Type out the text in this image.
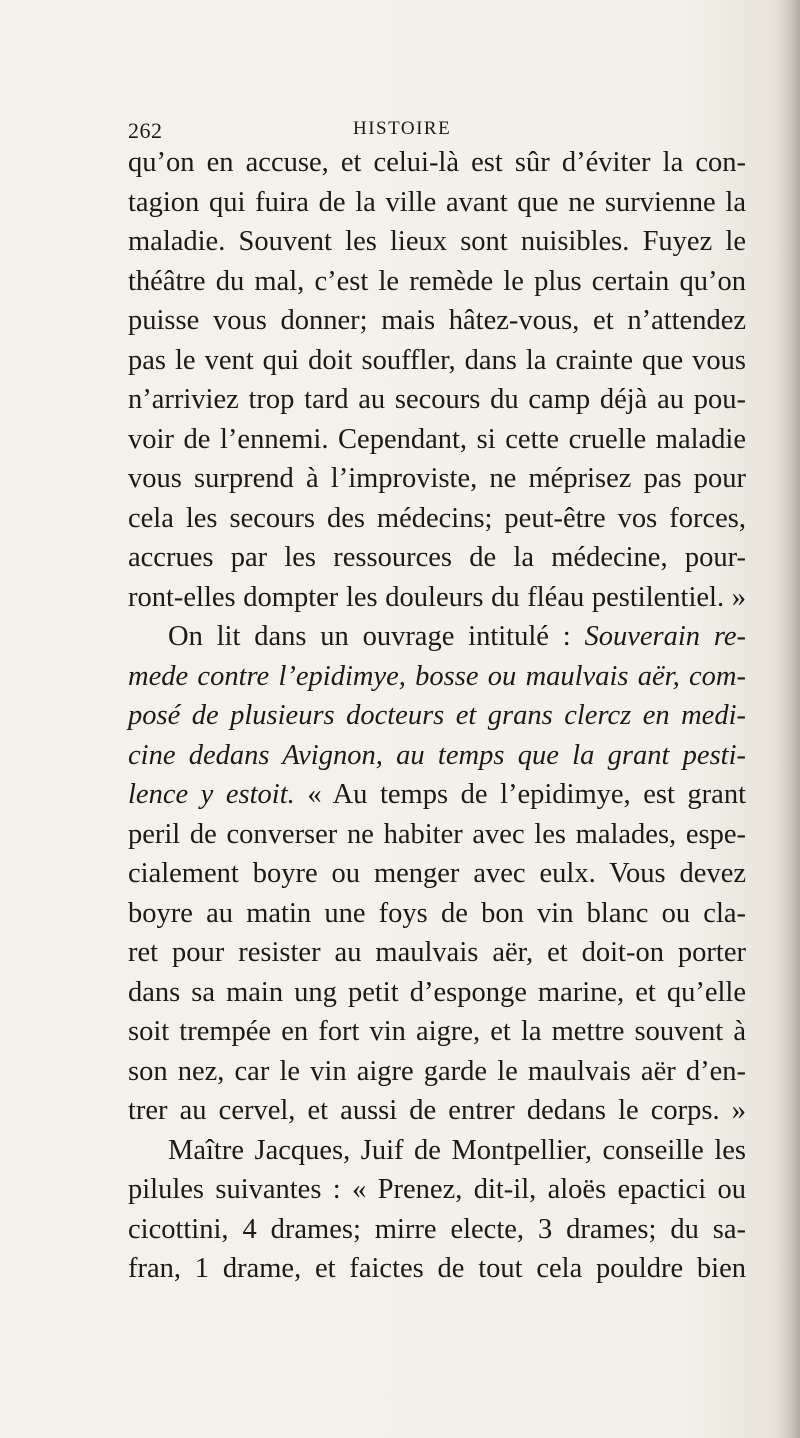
262	HISTOIRE
qu’on en accuse, et celui-là est sûr d’éviter la con-
tagion qui fuira de la ville avant que ne survienne la
maladie. Souvent les lieux sont nuisibles. Fuyez le
théâtre du mal, c’est le remède le plus certain qu’on
puisse vous donner; mais hâtez-vous, et n’attendez
pas le vent qui doit souffler, dans la crainte que vous
n’arriviez trop tard au secours du camp déjà au pou-
voir de l’ennemi. Cependant, si cette cruelle maladie
vous surprend à l’improviste, ne méprisez pas pour
cela les secours des médecins; peut-être vos forces,
accrues par les ressources de la médecine, pour-
ront-elles dompter les douleurs du fléau pestilentiel. »
On lit dans un ouvrage intitulé : Souverain re-
mede contre l’epidimye, bosse ou maulvais aër, com-
posé de plusieurs docteurs et grans clercz en medi-
cine dedans Avignon, au temps que la grant pesti-
lence y estoit. « Au temps de l’epidimye, est grant
peril de converser ne habiter avec les malades, espe-
cialement boyre ou menger avec eulx. Vous devez
boyre au matin une foys de bon vin blanc ou cla-
ret pour resister au maulvais aër, et doit-on porter
dans sa main ung petit d’esponge marine, et qu’elle
soit trempée en fort vin aigre, et la mettre souvent à
son nez, car le vin aigre garde le maulvais aër d’en-
trer au cervel, et aussi de entrer dedans le corps. »
Maître Jacques, Juif de Montpellier, conseille les
pilules suivantes : « Prenez, dit-il, aloës epactici ou
cicottini, 4 drames; mirre electe, 3 drames; du sa-
fran, 1 drame, et faictes de tout cela pouldre bien
